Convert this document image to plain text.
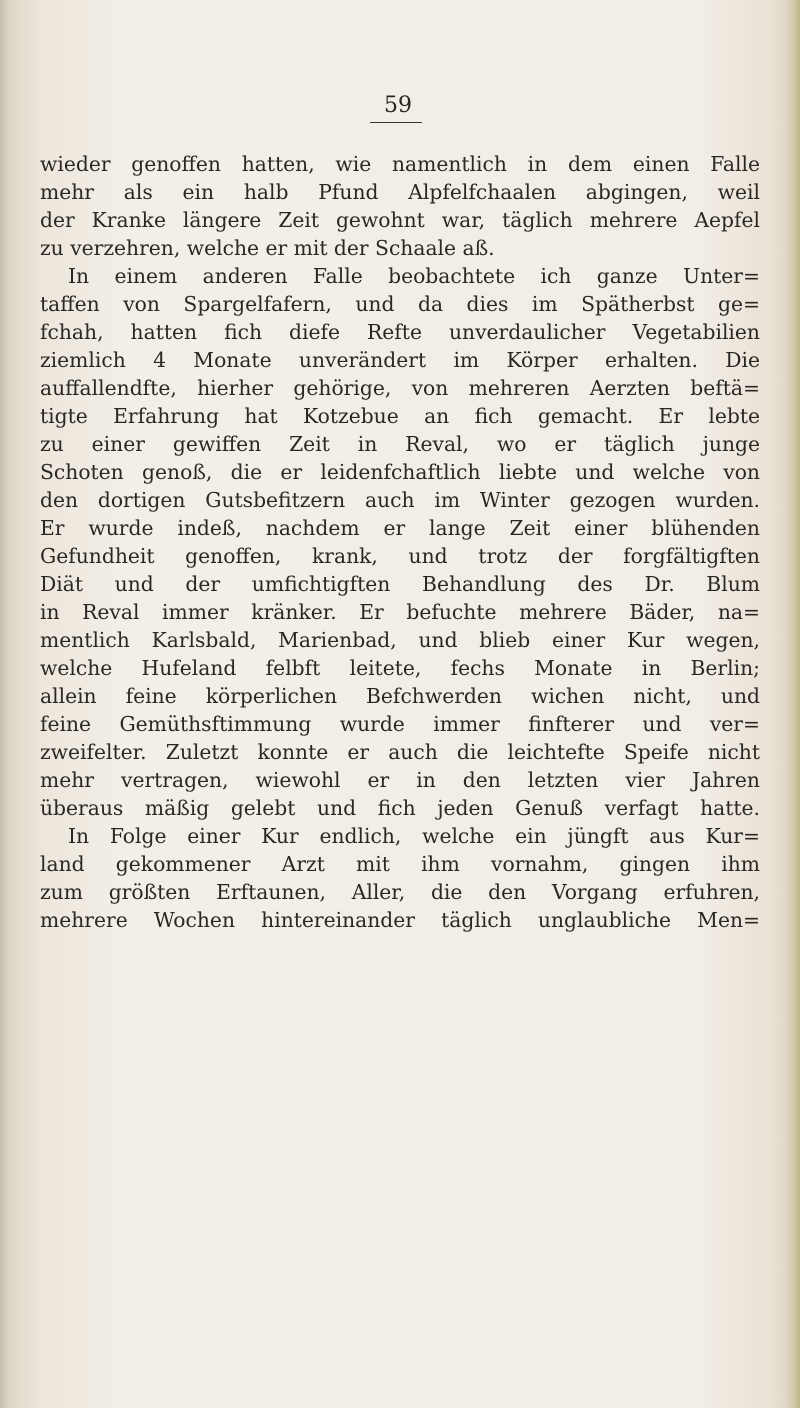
59
wieder genoffen hatten, wie namentlich in dem einen Falle
mehr als ein halb Pfund Alpfelfchaalen abgingen, weil
der Kranke längere Zeit gewohnt war, täglich mehrere Aepfel
zu verzehren, welche er mit der Schaale aß.
In einem anderen Falle beobachtete ich ganze Unter=
taffen von Spargelfafern, und da dies im Spätherbst ge=
fchah, hatten fich diefe Refte unverdaulicher Vegetabilien
ziemlich 4 Monate unverändert im Körper erhalten. Die
auffallendfte, hierher gehörige, von mehreren Aerzten beftä=
tigte Erfahrung hat Kotzebue an fich gemacht. Er lebte
zu einer gewiffen Zeit in Reval, wo er täglich junge
Schoten genoß, die er leidenfchaftlich liebte und welche von
den dortigen Gutsbefitzern auch im Winter gezogen wurden.
Er wurde indeß, nachdem er lange Zeit einer blühenden
Gefundheit genoffen, krank, und trotz der forgfältigften
Diät und der umfichtigften Behandlung des Dr. Blum
in Reval immer kränker. Er befuchte mehrere Bäder, na=
mentlich Karlsbald, Marienbad, und blieb einer Kur wegen,
welche Hufeland felbft leitete, fechs Monate in Berlin;
allein feine körperlichen Befchwerden wichen nicht, und
feine Gemüthsftimmung wurde immer finfterer und ver=
zweifelter. Zuletzt konnte er auch die leichtefte Speife nicht
mehr vertragen, wiewohl er in den letzten vier Jahren
überaus mäßig gelebt und fich jeden Genuß verfagt hatte.
In Folge einer Kur endlich, welche ein jüngft aus Kur=
land gekommener Arzt mit ihm vornahm, gingen ihm
zum größten Erftaunen, Aller, die den Vorgang erfuhren,
mehrere Wochen hintereinander täglich unglaubliche Men=
